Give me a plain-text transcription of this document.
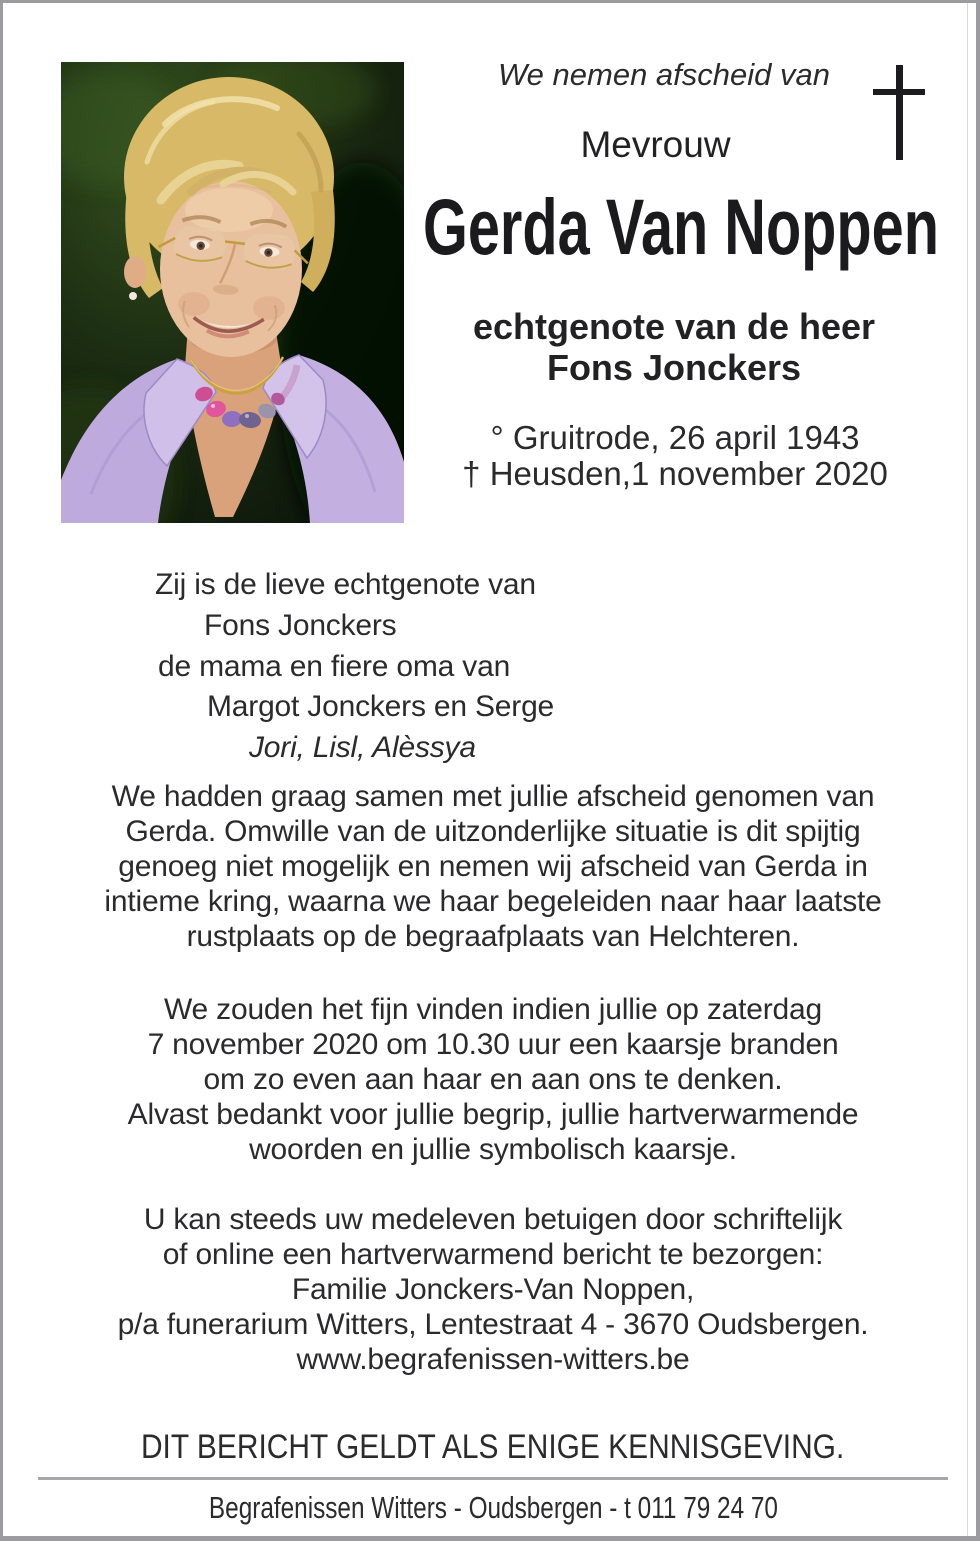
We nemen afscheid van
Mevrouw
Gerda Van Noppen
echtgenote van de heer
Fons Jonckers
° Gruitrode, 26 april 1943
† Heusden,1 november 2020
Zij is de lieve echtgenote van
Fons Jonckers
de mama en fiere oma van
Margot Jonckers en Serge
Jori, Lisl, Alèssya
We hadden graag samen met jullie afscheid genomen van
Gerda. Omwille van de uitzonderlijke situatie is dit spijtig
genoeg niet mogelijk en nemen wij afscheid van Gerda in
intieme kring, waarna we haar begeleiden naar haar laatste
rustplaats op de begraafplaats van Helchteren.
We zouden het fijn vinden indien jullie op zaterdag
7 november 2020 om 10.30 uur een kaarsje branden
om zo even aan haar en aan ons te denken.
Alvast bedankt voor jullie begrip, jullie hartverwarmende
woorden en jullie symbolisch kaarsje.
U kan steeds uw medeleven betuigen door schriftelijk
of online een hartverwarmend bericht te bezorgen:
Familie Jonckers-Van Noppen,
p/a funerarium Witters, Lentestraat 4 - 3670 Oudsbergen.
www.begrafenissen-witters.be
DIT BERICHT GELDT ALS ENIGE KENNISGEVING.
Begrafenissen Witters - Oudsbergen - t 011 79 24 70
